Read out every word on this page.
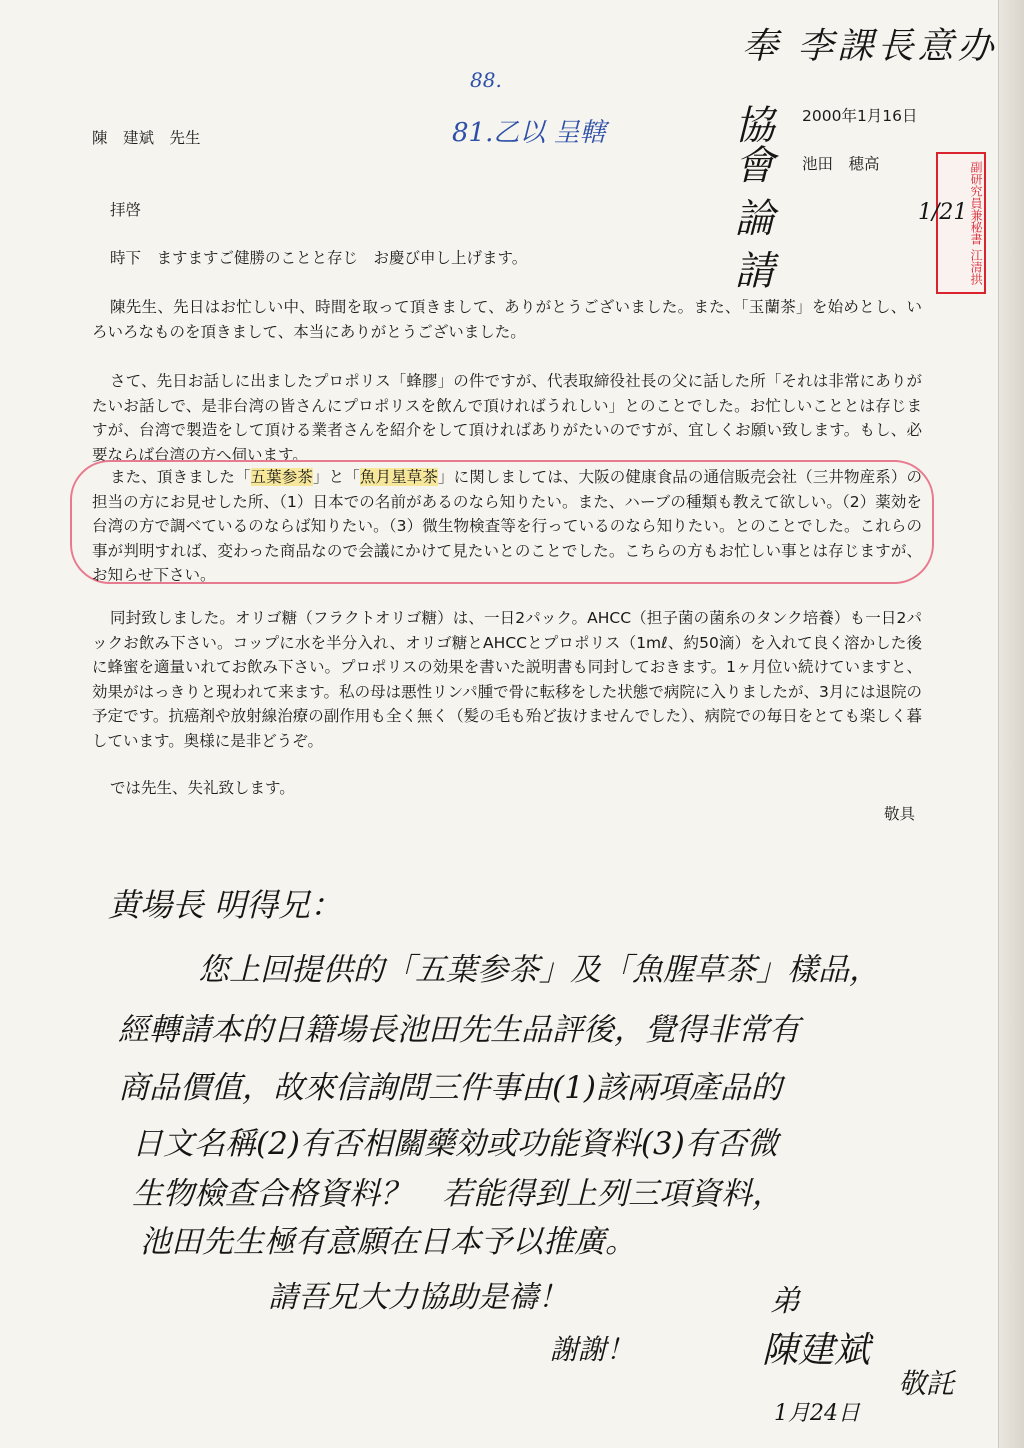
奉 李課長意办
88.
81.乙以 呈轄	協會 論 請
陳　建斌　先生
2000年1月16日
池田　穂高	副研究員兼秘書 江清拱
1/21
拝啓
時下　ますますご健勝のことと存じ　お慶び申し上げます。
陳先生、先日はお忙しい中、時間を取って頂きまして、ありがとうございました。また、「玉蘭茶」を始めとし、いろいろなものを頂きまして、本当にありがとうございました。
さて、先日お話しに出ましたプロポリス「蜂膠」の件ですが、代表取締役社長の父に話した所「それは非常にありがたいお話しで、是非台湾の皆さんにプロポリスを飲んで頂ければうれしい」とのことでした。お忙しいこととは存じますが、台湾で製造をして頂ける業者さんを紹介をして頂ければありがたいのですが、宜しくお願い致します。もし、必要ならば台湾の方へ伺います。
また、頂きました「五葉参茶」と「魚月星草茶」に関しましては、大阪の健康食品の通信販売会社（三井物産系）の担当の方にお見せした所、（1）日本での名前があるのなら知りたい。また、ハーブの種類も教えて欲しい。（2）薬効を台湾の方で調べているのならば知りたい。（3）微生物検査等を行っているのなら知りたい。とのことでした。これらの事が判明すれば、変わった商品なので会議にかけて見たいとのことでした。こちらの方もお忙しい事とは存じますが、お知らせ下さい。
同封致しました。オリゴ糖（フラクトオリゴ糖）は、一日2パック。AHCC（担子菌の菌糸のタンク培養）も一日2パックお飲み下さい。コップに水を半分入れ、オリゴ糖とAHCCとプロポリス（1mℓ、約50滴）を入れて良く溶かした後に蜂蜜を適量いれてお飲み下さい。プロポリスの効果を書いた説明書も同封しておきます。1ヶ月位い続けていますと、効果がはっきりと現われて来ます。私の母は悪性リンパ腫で骨に転移をした状態で病院に入りましたが、3月には退院の予定です。抗癌剤や放射線治療の副作用も全く無く（髪の毛も殆ど抜けませんでした）、病院での毎日をとても楽しく暮しています。奥様に是非どうぞ。
では先生、失礼致します。
敬具
黄場長 明得兄：
您上回提供的「五葉参茶」及「魚腥草茶」樣品，
經轉請本的日籍場長池田先生品評後，覺得非常有
商品價值，故來信詢問三件事由(1)該兩項產品的
日文名稱(2)有否相關藥効或功能資料(3)有否微
生物檢查合格資料？　若能得到上列三項資料，
池田先生極有意願在日本予以推廣。
請吾兄大力協助是禱！
謝謝！
弟
陳建斌
敬託
1月24日
